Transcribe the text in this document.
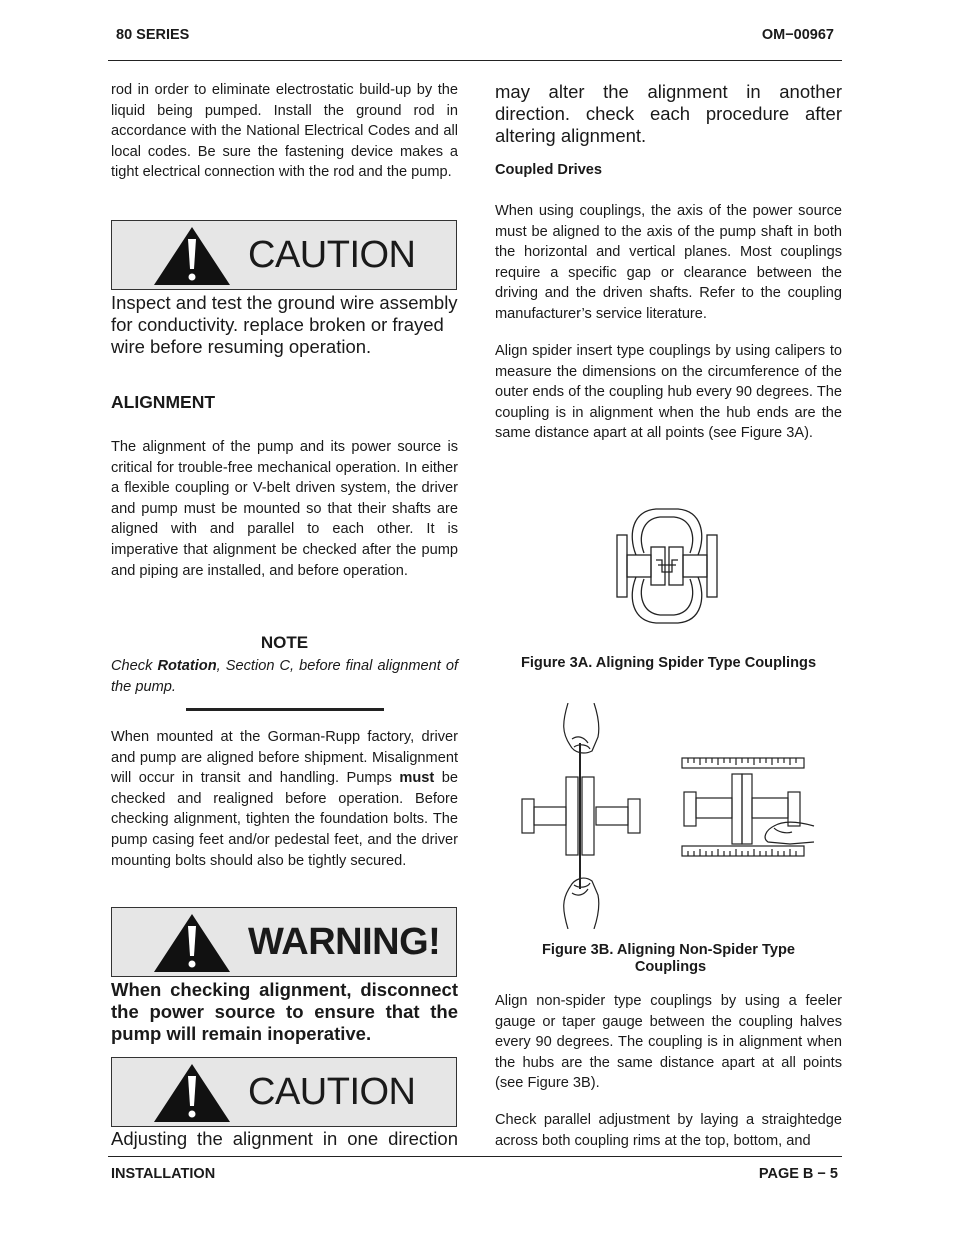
80 SERIES	OM−00967

rod in order to eliminate electrostatic build-up by the liquid being pumped. Install the ground rod in accordance with the National Electrical Codes and all local codes. Be sure the fastening device makes a tight electrical connection with the rod and the pump.

CAUTION

Inspect and test the ground wire assembly for conductivity. replace broken or frayed wire before resuming operation.

ALIGNMENT

The alignment of the pump and its power source is critical for trouble-free mechanical operation. In either a flexible coupling or V-belt driven system, the driver and pump must be mounted so that their shafts are aligned with and parallel to each other. It is imperative that alignment be checked after the pump and piping are installed, and before operation.

NOTE

Check Rotation, Section C, before final alignment of the pump.

When mounted at the Gorman-Rupp factory, driver and pump are aligned before shipment. Misalignment will occur in transit and handling. Pumps must be checked and realigned before operation. Before checking alignment, tighten the foundation bolts. The pump casing feet and/or pedestal feet, and the driver mounting bolts should also be tightly secured.

WARNING!

When checking alignment, disconnect the power source to ensure that the pump will remain inoperative.

CAUTION

Adjusting the alignment in one direction

may alter the alignment in another direction. check each procedure after altering alignment.

Coupled Drives

When using couplings, the axis of the power source must be aligned to the axis of the pump shaft in both the horizontal and vertical planes. Most couplings require a specific gap or clearance between the driving and the driven shafts. Refer to the coupling manufacturer’s service literature.

Align spider insert type couplings by using calipers to measure the dimensions on the circumference of the outer ends of the coupling hub every 90 degrees. The coupling is in alignment when the hub ends are the same distance apart at all points (see Figure 3A).

Figure 3A. Aligning Spider Type Couplings
Figure 3B. Aligning Non-Spider Type
Couplings

Align non-spider type couplings by using a feeler gauge or taper gauge between the coupling halves every 90 degrees. The coupling is in alignment when the hubs are the same distance apart at all points (see Figure 3B).

Check parallel adjustment by laying a straightedge across both coupling rims at the top, bottom, and

INSTALLATION	PAGE B − 5
